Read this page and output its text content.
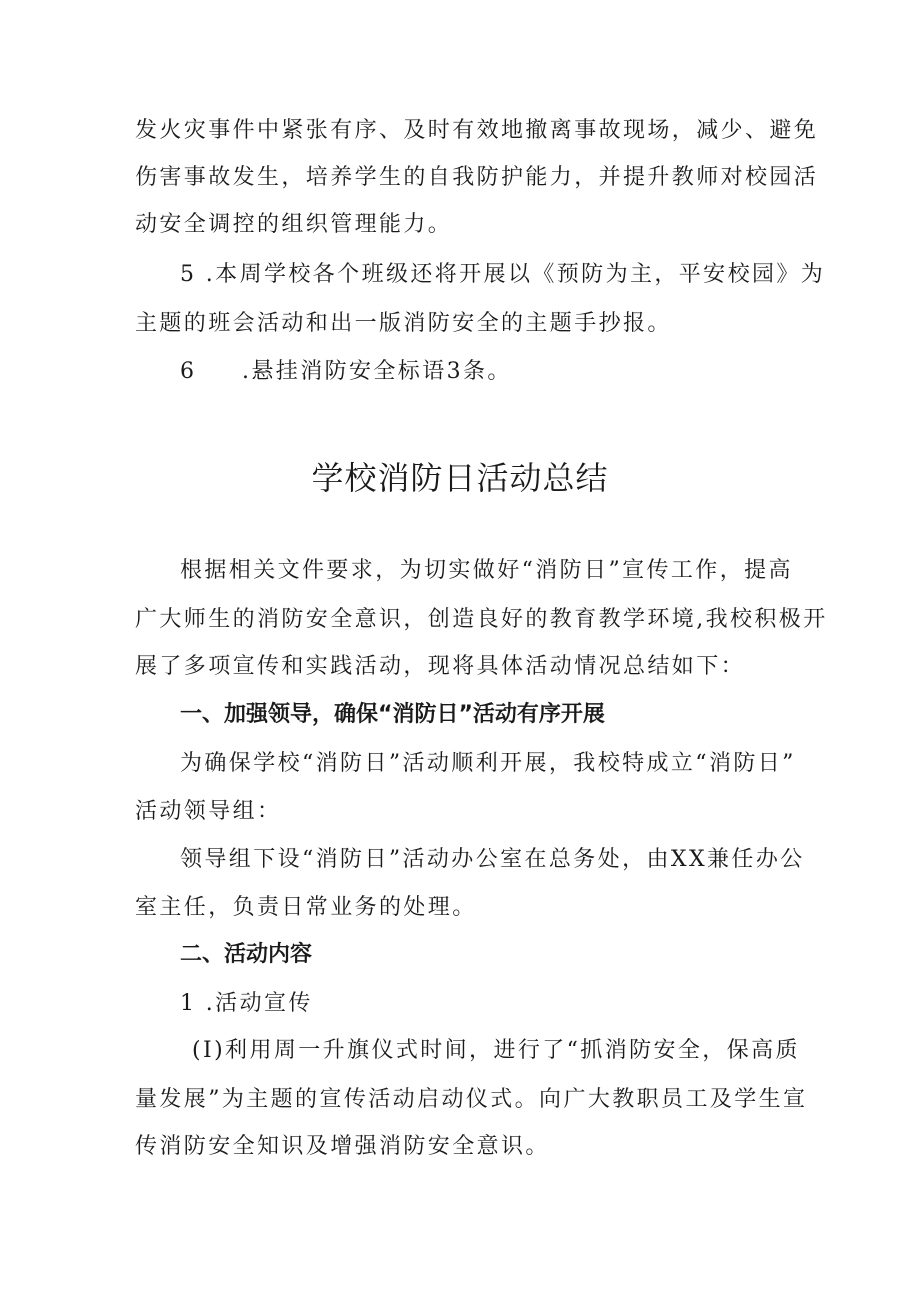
发火灾事件中紧张有序、及时有效地撤离事故现场，减少、避免
伤害事故发生，培养学生的自我防护能力，并提升教师对校园活
动安全调控的组织管理能力。
5 .本周学校各个班级还将开展以《预防为主，平安校园》为
主题的班会活动和出一版消防安全的主题手抄报。
6 .悬挂消防安全标语3条。
学校消防日活动总结
根据相关文件要求，为切实做好“消防日”宣传工作，提高
广大师生的消防安全意识，创造良好的教育教学环境,我校积极开
展了多项宣传和实践活动，现将具体活动情况总结如下：
一、加强领导，确保“消防日”活动有序开展
为确保学校“消防日”活动顺利开展，我校特成立“消防日”
活动领导组：
领导组下设“消防日”活动办公室在总务处，由XX兼任办公
室主任，负责日常业务的处理。
二、活动内容
1 .活动宣传
(I)利用周一升旗仪式时间，进行了“抓消防安全，保高质
量发展”为主题的宣传活动启动仪式。向广大教职员工及学生宣
传消防安全知识及增强消防安全意识。
